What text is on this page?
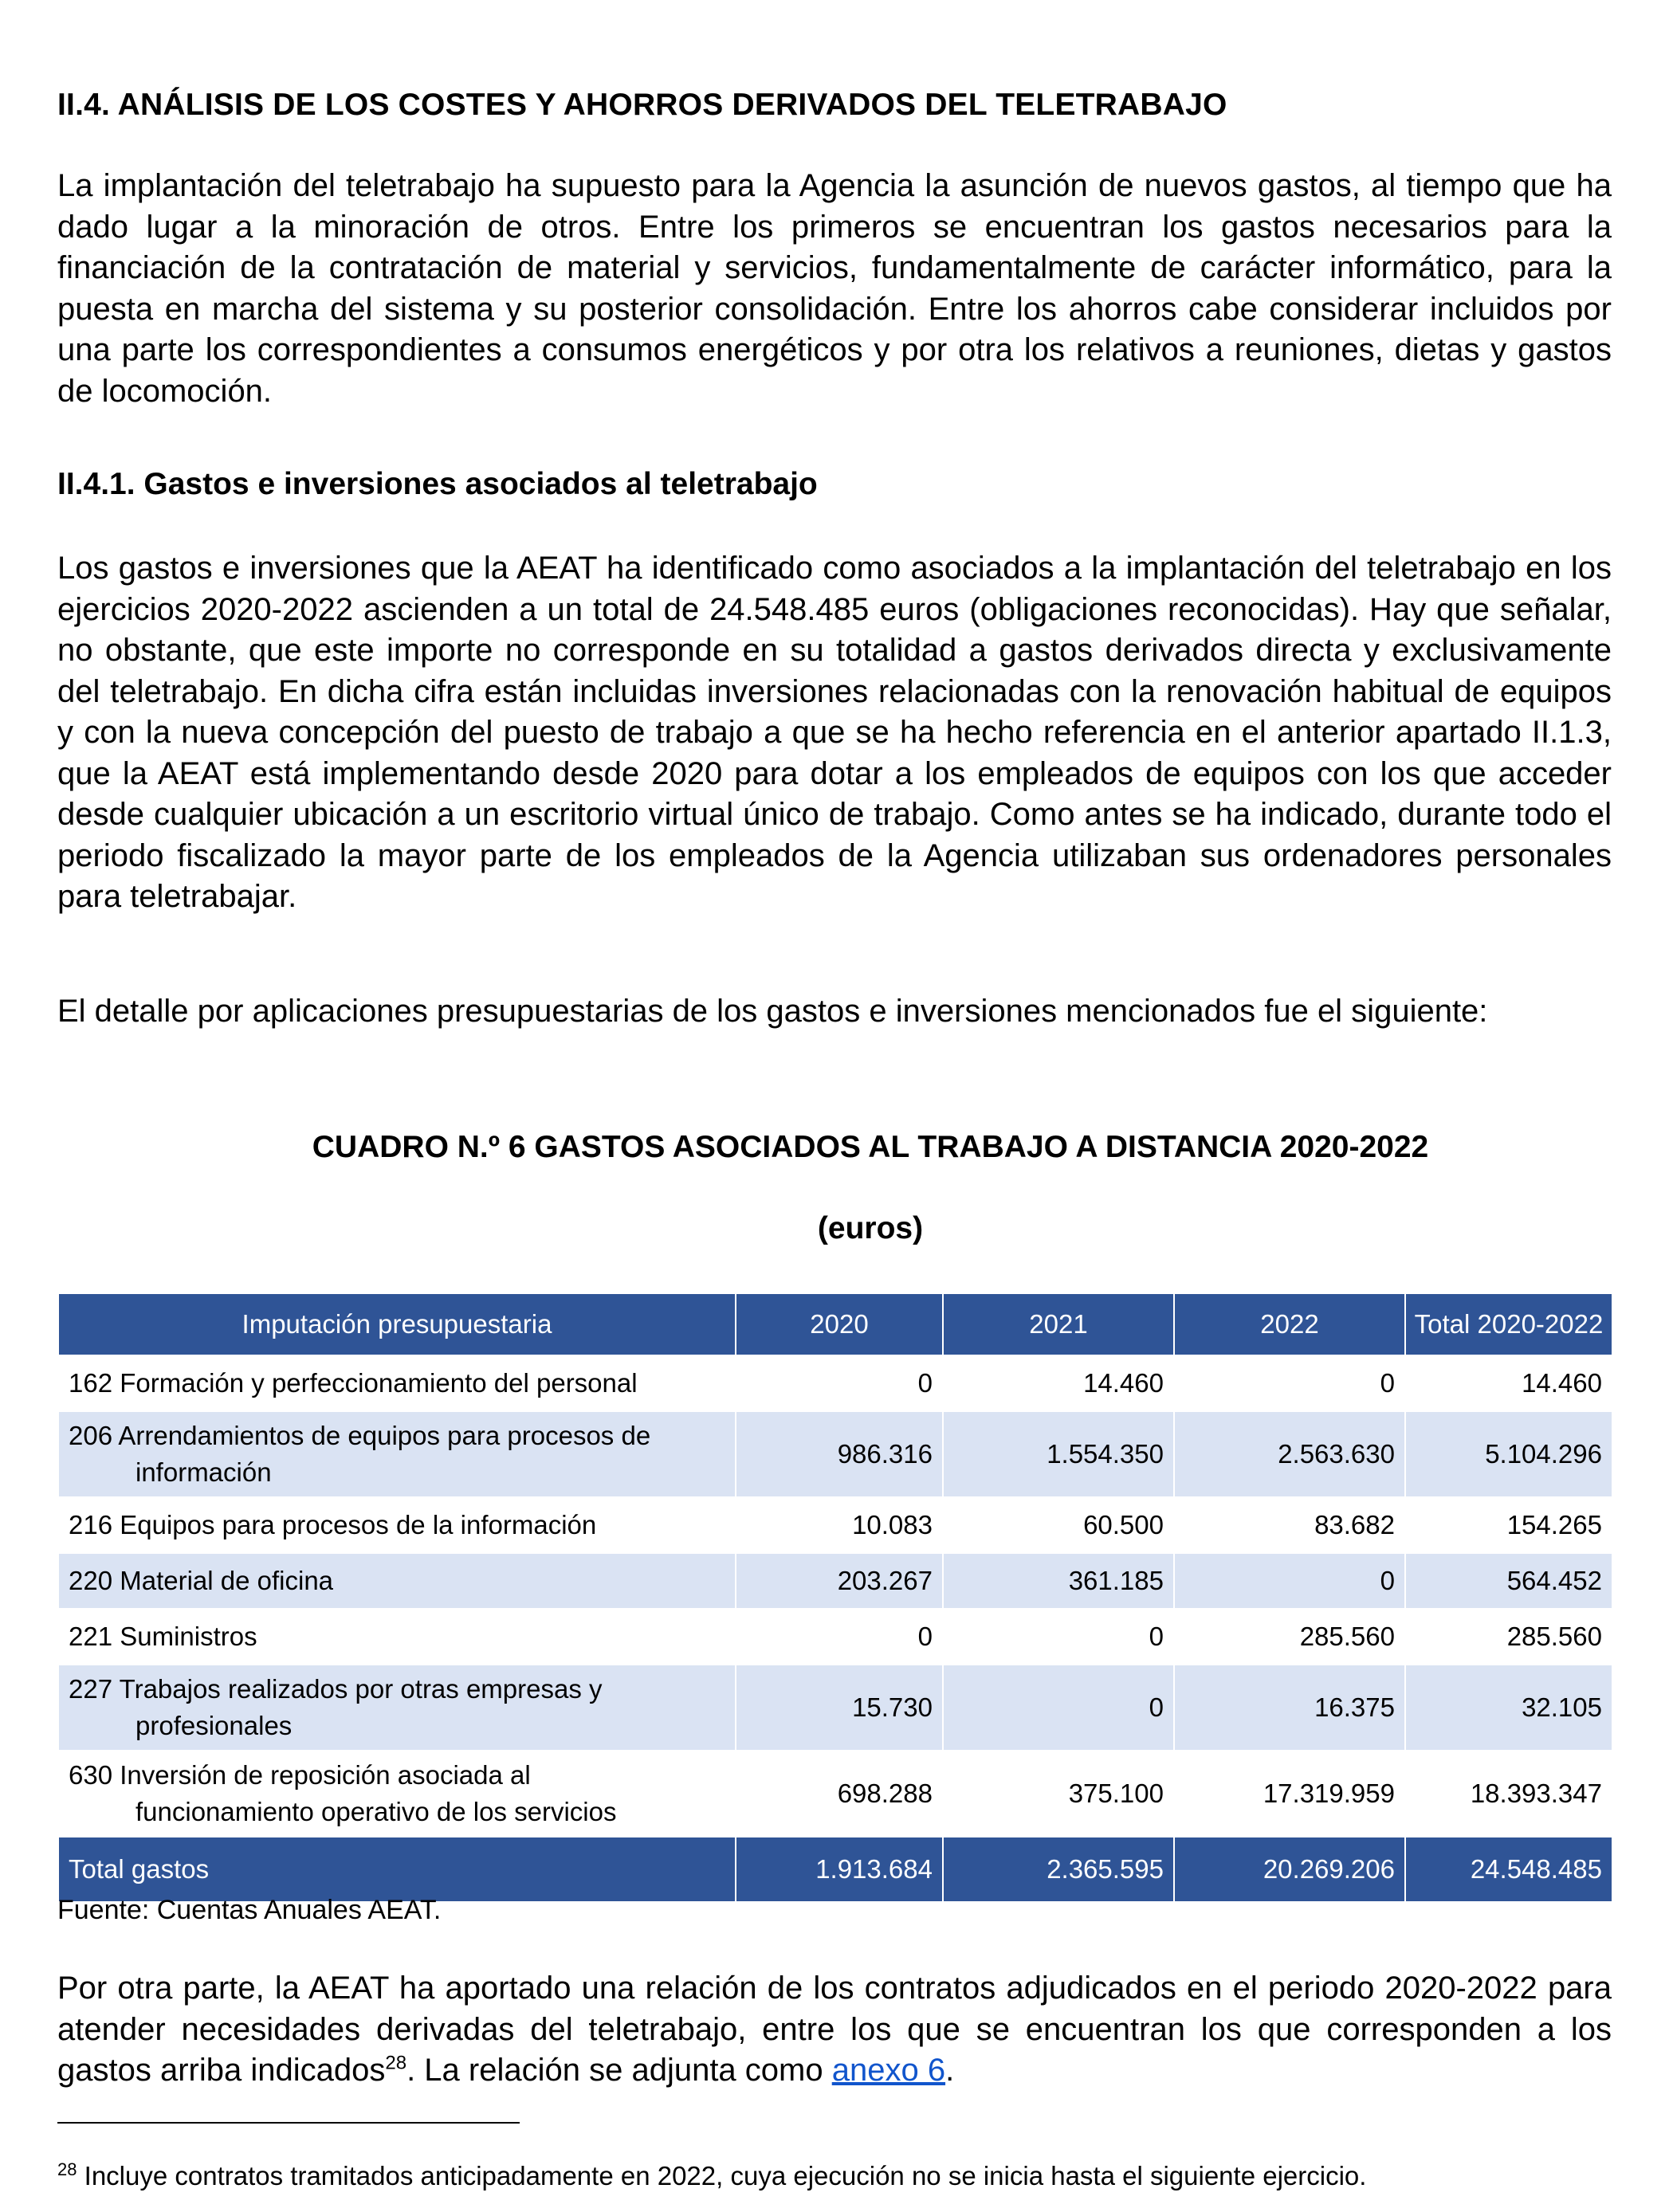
II.4. ANÁLISIS DE LOS COSTES Y AHORROS DERIVADOS DEL TELETRABAJO

La implantación del teletrabajo ha supuesto para la Agencia la asunción de nuevos gastos, al tiempo que ha dado lugar a la minoración de otros. Entre los primeros se encuentran los gastos necesarios para la financiación de la contratación de material y servicios, fundamentalmente de carácter informático, para la puesta en marcha del sistema y su posterior consolidación. Entre los ahorros cabe considerar incluidos por una parte los correspondientes a consumos energéticos y por otra los relativos a reuniones, dietas y gastos de locomoción.

II.4.1. Gastos e inversiones asociados al teletrabajo

Los gastos e inversiones que la AEAT ha identificado como asociados a la implantación del teletrabajo en los ejercicios 2020-2022 ascienden a un total de 24.548.485 euros (obligaciones reconocidas). Hay que señalar, no obstante, que este importe no corresponde en su totalidad a gastos derivados directa y exclusivamente del teletrabajo. En dicha cifra están incluidas inversiones relacionadas con la renovación habitual de equipos y con la nueva concepción del puesto de trabajo a que se ha hecho referencia en el anterior apartado II.1.3, que la AEAT está implementando desde 2020 para dotar a los empleados de equipos con los que acceder desde cualquier ubicación a un escritorio virtual único de trabajo. Como antes se ha indicado, durante todo el periodo fiscalizado la mayor parte de los empleados de la Agencia utilizaban sus ordenadores personales para teletrabajar.

El detalle por aplicaciones presupuestarias de los gastos e inversiones mencionados fue el siguiente:

CUADRO N.º 6 GASTOS ASOCIADOS AL TRABAJO A DISTANCIA 2020-2022

(euros)

Imputación presupuestaria	2020	2021	2022	Total 2020-2022
162 Formación y perfeccionamiento del personal	0	14.460	0	14.460
206 Arrendamientos de equipos para procesos de
información	986.316	1.554.350	2.563.630	5.104.296
216 Equipos para procesos de la información	10.083	60.500	83.682	154.265
220 Material de oficina	203.267	361.185	0	564.452
221 Suministros	0	0	285.560	285.560
227 Trabajos realizados por otras empresas y
profesionales	15.730	0	16.375	32.105
630 Inversión de reposición asociada al
funcionamiento operativo de los servicios	698.288	375.100	17.319.959	18.393.347
Total gastos	1.913.684	2.365.595	20.269.206	24.548.485

Fuente: Cuentas Anuales AEAT.

Por otra parte, la AEAT ha aportado una relación de los contratos adjudicados en el periodo 2020-2022 para atender necesidades derivadas del teletrabajo, entre los que se encuentran los que corresponden a los gastos arriba indicados$^{28}$. La relación se adjunta como anexo 6.

$^{28}$ Incluye contratos tramitados anticipadamente en 2022, cuya ejecución no se inicia hasta el siguiente ejercicio.
